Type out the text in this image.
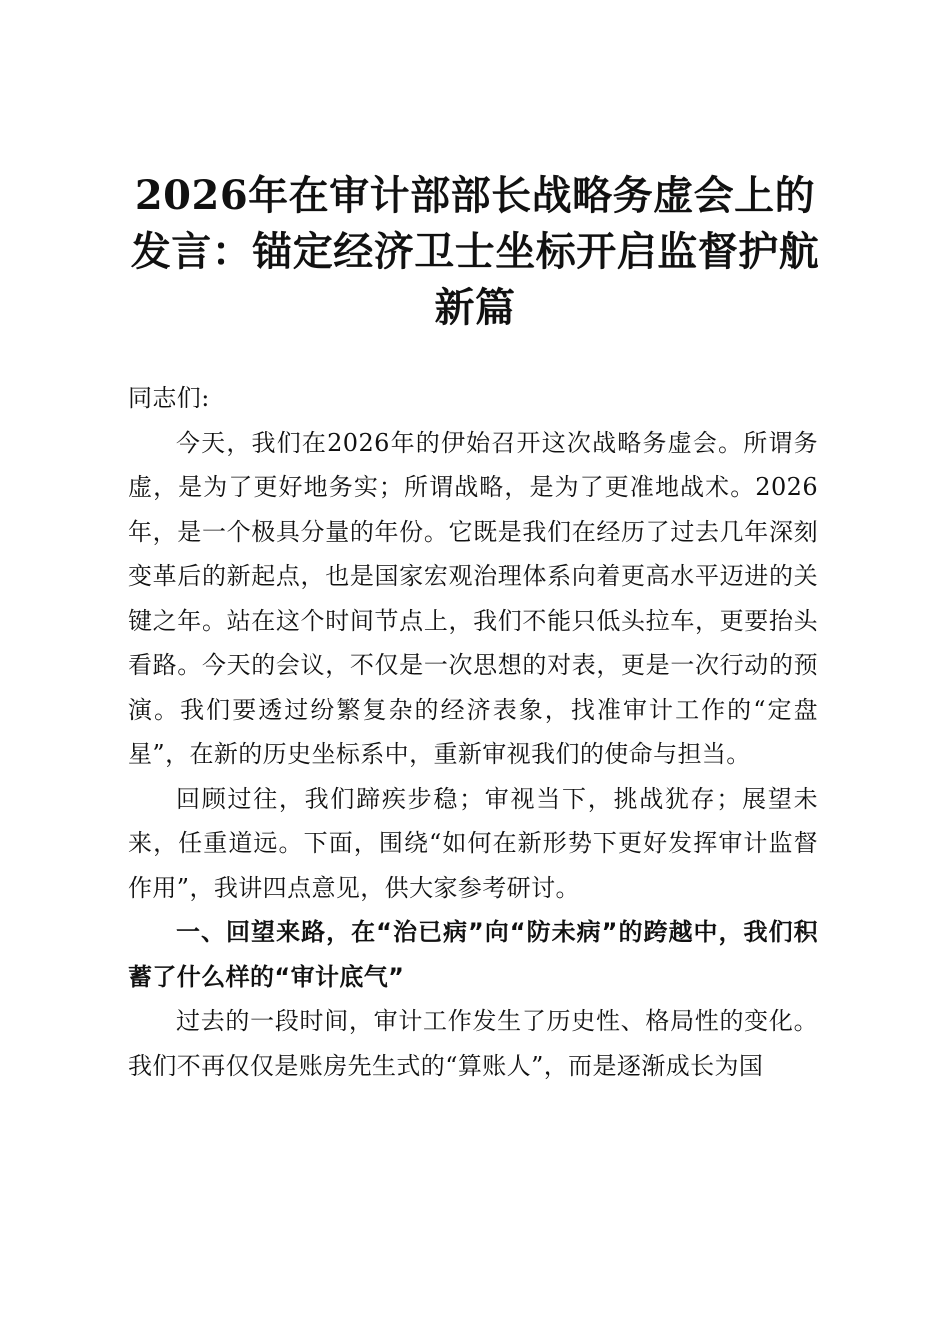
2026年在审计部部长战略务虚会上的发言：锚定经济卫士坐标开启监督护航新篇

同志们:

今天，我们在2026年的伊始召开这次战略务虚会。所谓务虚，是为了更好地务实；所谓战略，是为了更准地战术。2026年，是一个极具分量的年份。它既是我们在经历了过去几年深刻变革后的新起点，也是国家宏观治理体系向着更高水平迈进的关键之年。站在这个时间节点上，我们不能只低头拉车，更要抬头看路。今天的会议，不仅是一次思想的对表，更是一次行动的预演。我们要透过纷繁复杂的经济表象，找准审计工作的“定盘星”，在新的历史坐标系中，重新审视我们的使命与担当。

回顾过往，我们蹄疾步稳；审视当下，挑战犹存；展望未来，任重道远。下面，围绕“如何在新形势下更好发挥审计监督作用”，我讲四点意见，供大家参考研讨。

一、回望来路，在“治已病”向“防未病”的跨越中，我们积蓄了什么样的“审计底气”

过去的一段时间，审计工作发生了历史性、格局性的变化。我们不再仅仅是账房先生式的“算账人”，而是逐渐成长为国
